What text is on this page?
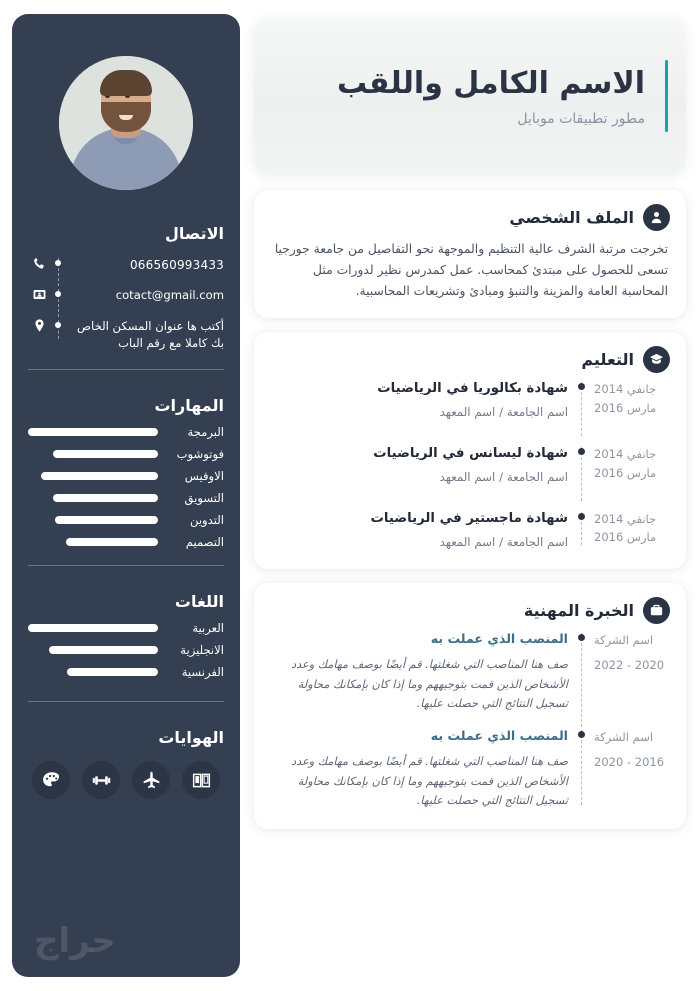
الاسم الكامل واللقب
مطور تطبيقات موبايل
الملف الشخصي
تخرجت مرتبة الشرف عالية التنظيم والموجهة نحو التفاصيل من جامعة جورجيا تسعى للحصول على مبتدئ كمحاسب. عمل كمدرس نظير لدورات مثل المحاسبة العامة والمزينة والتنبؤ ومبادئ وتشريعات المحاسبية.
التعليم
جانفي 2014
مارس 2016
شهادة بكالوريا في الرياضيات
اسم الجامعة / اسم المعهد
جانفي 2014
مارس 2016
شهادة ليسانس في الرياضيات
اسم الجامعة / اسم المعهد
جانفي 2014
مارس 2016
شهادة ماجستير في الرياضيات
اسم الجامعة / اسم المعهد
الخبرة المهنية
اسم الشركة
2020 - 2022
المنصب الذي عملت به
صف هنا المناصب التي شغلتها. قم أيضًا بوصف مهامك وعدد الأشخاص الذين قمت بتوجيههم وما إذا كان بإمكانك محاولة تسجيل النتائج التي حصلت عليها.
اسم الشركة
2016 - 2020
المنصب الذي عملت به
صف هنا المناصب التي شغلتها. قم أيضًا بوصف مهامك وعدد الأشخاص الذين قمت بتوجيههم وما إذا كان بإمكانك محاولة تسجيل النتائج التي حصلت عليها.
الاتصال
066560993433
cotact@gmail.com
أكتب ها عنوان المسكن الخاص بك كاملا مع رقم الباب
المهارات
البرمجة
فوتوشوب
الاوفيس
التسويق
التدوين
التصميم
اللغات
العربية
الانجليزية
الفرنسية
الهوايات
حراج
